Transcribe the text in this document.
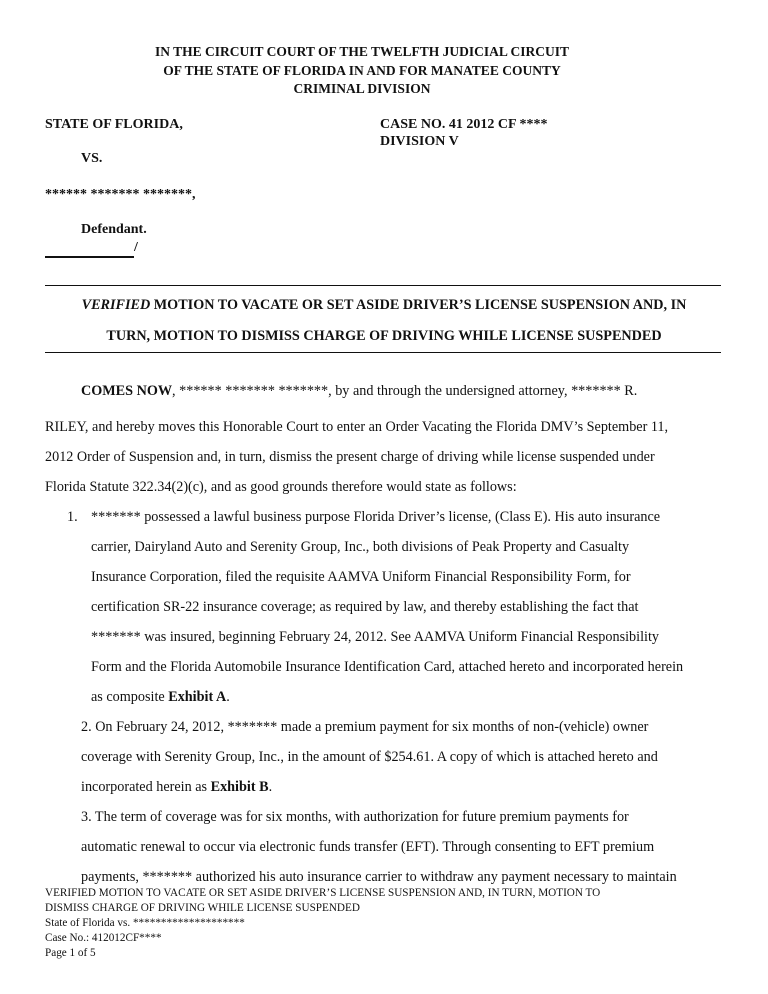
IN THE CIRCUIT COURT OF THE TWELFTH JUDICIAL CIRCUIT
OF THE STATE OF FLORIDA IN AND FOR MANATEE COUNTY
CRIMINAL DIVISION
STATE OF FLORIDA,	CASE NO. 41 2012 CF ****
DIVISION V
VS.
****** ******* *******,
Defendant.
/
VERIFIED MOTION TO VACATE OR SET ASIDE DRIVER’S LICENSE SUSPENSION AND, IN
TURN, MOTION TO DISMISS CHARGE OF DRIVING WHILE LICENSE SUSPENDED
COMES NOW, ****** ******* *******, by and through the undersigned attorney, ******* R.
RILEY, and hereby moves this Honorable Court to enter an Order Vacating the Florida DMV’s September 11,
2012 Order of Suspension and, in turn, dismiss the present charge of driving while license suspended under
Florida Statute 322.34(2)(c), and as good grounds therefore would state as follows:
1. ******* possessed a lawful business purpose Florida Driver’s license, (Class E). His auto insurance
carrier, Dairyland Auto and Serenity Group, Inc., both divisions of Peak Property and Casualty
Insurance Corporation, filed the requisite AAMVA Uniform Financial Responsibility Form, for
certification SR-22 insurance coverage; as required by law, and thereby establishing the fact that
******* was insured, beginning February 24, 2012. See AAMVA Uniform Financial Responsibility
Form and the Florida Automobile Insurance Identification Card, attached hereto and incorporated herein
as composite Exhibit A.
2. On February 24, 2012, ******* made a premium payment for six months of non-(vehicle) owner
coverage with Serenity Group, Inc., in the amount of $254.61. A copy of which is attached hereto and
incorporated herein as Exhibit B.
3. The term of coverage was for six months, with authorization for future premium payments for
automatic renewal to occur via electronic funds transfer (EFT). Through consenting to EFT premium
payments, ******* authorized his auto insurance carrier to withdraw any payment necessary to maintain
VERIFIED MOTION TO VACATE OR SET ASIDE DRIVER’S LICENSE SUSPENSION AND, IN TURN, MOTION TO
DISMISS CHARGE OF DRIVING WHILE LICENSE SUSPENDED
State of Florida vs. ********************
Case No.: 412012CF****
Page 1 of 5
